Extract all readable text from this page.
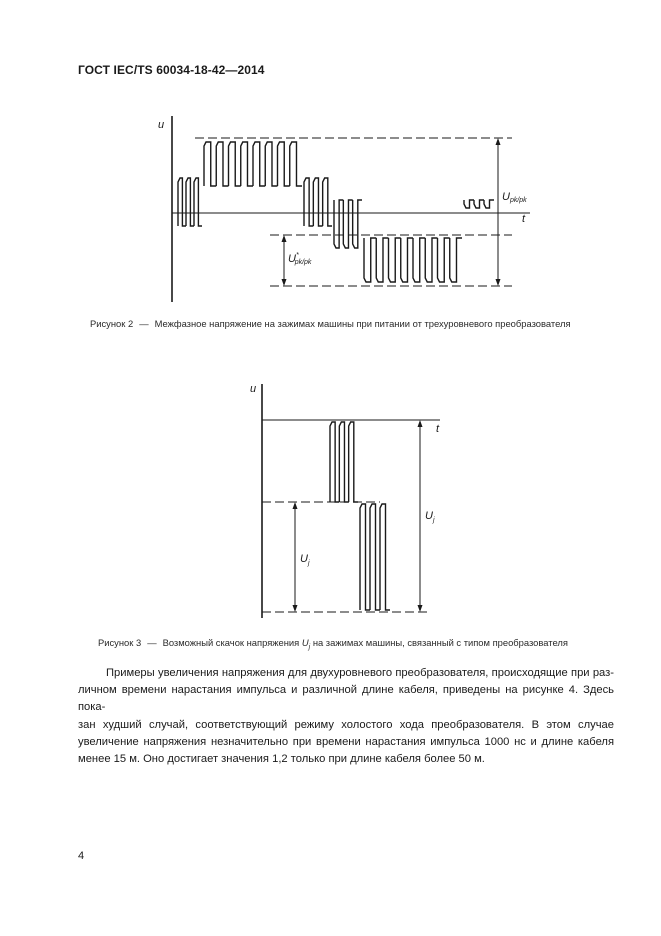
ГОСТ IEC/TS 60034-18-42—2014
u
t
Upk/pk
U* pk/pk
Рисунок 2 — Межфазное напряжение на зажимах машины при питании от трехуровневого преобразователя
u
t
$U_j$
$U_j$
Рисунок 3 — Возможный скачок напряжения $U_j$ на зажимах машины, связанный с типом преобразователя
Примеры увеличения напряжения для двухуровневого преобразователя, происходящие при раз-
личном времени нарастания импульса и различной длине кабеля, приведены на рисунке 4. Здесь пока-
зан худший случай, соответствующий режиму холостого хода преобразователя. В этом случае
увеличение напряжения незначительно при времени нарастания импульса 1000 нс и длине кабеля
менее 15 м. Оно достигает значения 1,2 только при длине кабеля более 50 м.
4
